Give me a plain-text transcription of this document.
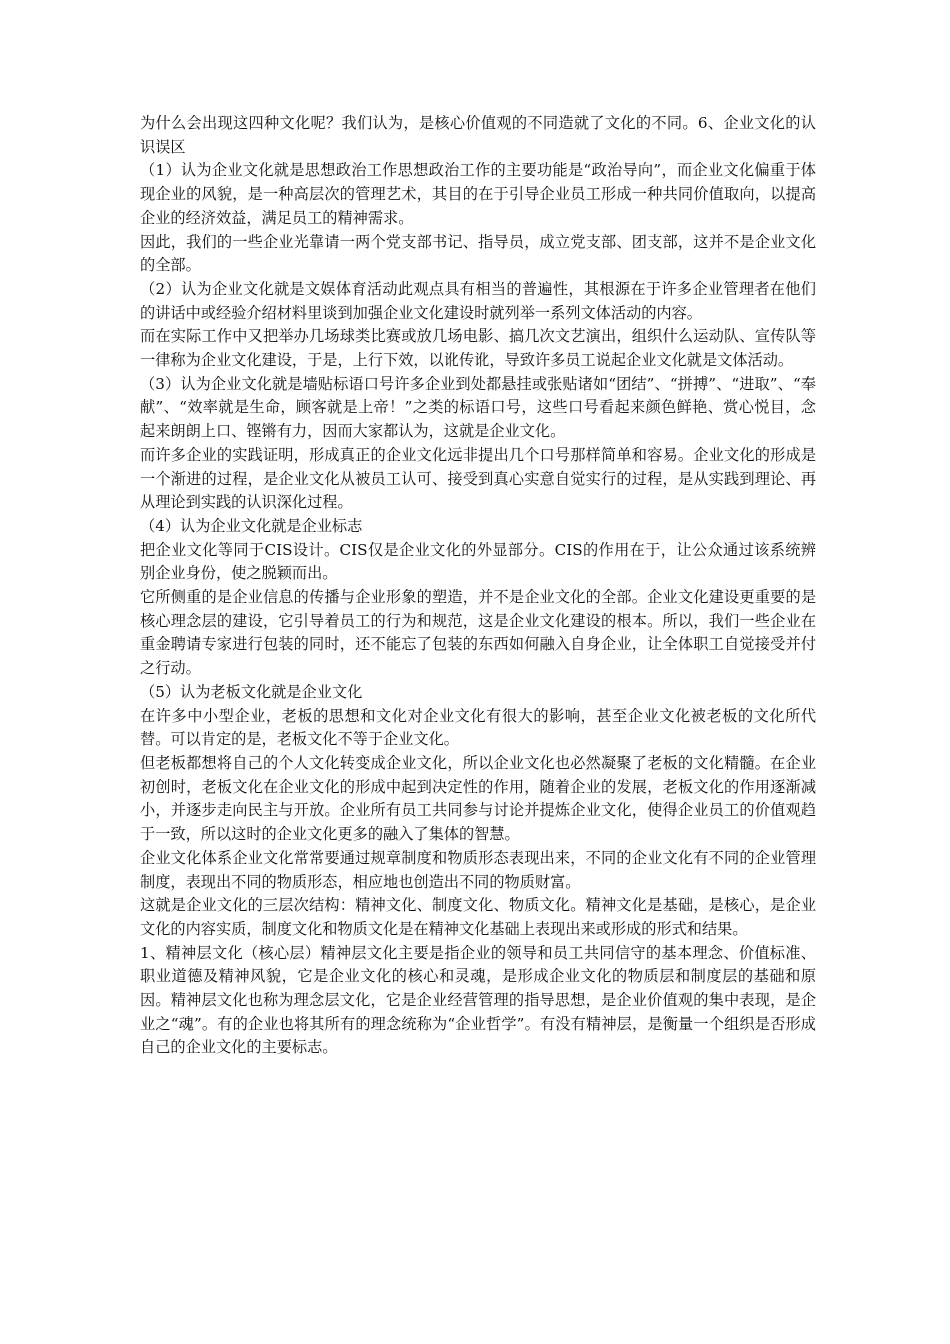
为什么会出现这四种文化呢？我们认为，是核心价值观的不同造就了文化的不同。6、企业文化的认识误区

（1）认为企业文化就是思想政治工作思想政治工作的主要功能是“政治导向”，而企业文化偏重于体现企业的风貌，是一种高层次的管理艺术，其目的在于引导企业员工形成一种共同价值取向，以提高企业的经济效益，满足员工的精神需求。

因此，我们的一些企业光靠请一两个党支部书记、指导员，成立党支部、团支部，这并不是企业文化的全部。

（2）认为企业文化就是文娱体育活动此观点具有相当的普遍性，其根源在于许多企业管理者在他们的讲话中或经验介绍材料里谈到加强企业文化建设时就列举一系列文体活动的内容。

而在实际工作中又把举办几场球类比赛或放几场电影、搞几次文艺演出，组织什么运动队、宣传队等一律称为企业文化建设，于是，上行下效，以讹传讹，导致许多员工说起企业文化就是文体活动。

（3）认为企业文化就是墙贴标语口号许多企业到处都悬挂或张贴诸如“团结”、“拼搏”、“进取”、“奉献”、“效率就是生命，顾客就是上帝！”之类的标语口号，这些口号看起来颜色鲜艳、赏心悦目，念起来朗朗上口、铿锵有力，因而大家都认为，这就是企业文化。

而许多企业的实践证明，形成真正的企业文化远非提出几个口号那样简单和容易。企业文化的形成是一个渐进的过程，是企业文化从被员工认可、接受到真心实意自觉实行的过程，是从实践到理论、再从理论到实践的认识深化过程。

（4）认为企业文化就是企业标志

把企业文化等同于CIS设计。CIS仅是企业文化的外显部分。CIS的作用在于，让公众通过该系统辨别企业身份，使之脱颖而出。

它所侧重的是企业信息的传播与企业形象的塑造，并不是企业文化的全部。企业文化建设更重要的是核心理念层的建设，它引导着员工的行为和规范，这是企业文化建设的根本。所以，我们一些企业在重金聘请专家进行包装的同时，还不能忘了包装的东西如何融入自身企业，让全体职工自觉接受并付之行动。

（5）认为老板文化就是企业文化

在许多中小型企业，老板的思想和文化对企业文化有很大的影响，甚至企业文化被老板的文化所代替。可以肯定的是，老板文化不等于企业文化。

但老板都想将自己的个人文化转变成企业文化，所以企业文化也必然凝聚了老板的文化精髓。在企业初创时，老板文化在企业文化的形成中起到决定性的作用，随着企业的发展，老板文化的作用逐渐减小，并逐步走向民主与开放。企业所有员工共同参与讨论并提炼企业文化，使得企业员工的价值观趋于一致，所以这时的企业文化更多的融入了集体的智慧。

企业文化体系企业文化常常要通过规章制度和物质形态表现出来，不同的企业文化有不同的企业管理制度，表现出不同的物质形态，相应地也创造出不同的物质财富。

这就是企业文化的三层次结构：精神文化、制度文化、物质文化。精神文化是基础，是核心，是企业文化的内容实质，制度文化和物质文化是在精神文化基础上表现出来或形成的形式和结果。

1、精神层文化（核心层）精神层文化主要是指企业的领导和员工共同信守的基本理念、价值标准、职业道德及精神风貌，它是企业文化的核心和灵魂，是形成企业文化的物质层和制度层的基础和原因。精神层文化也称为理念层文化，它是企业经营管理的指导思想，是企业价值观的集中表现，是企业之“魂”。有的企业也将其所有的理念统称为“企业哲学”。有没有精神层，是衡量一个组织是否形成自己的企业文化的主要标志。
